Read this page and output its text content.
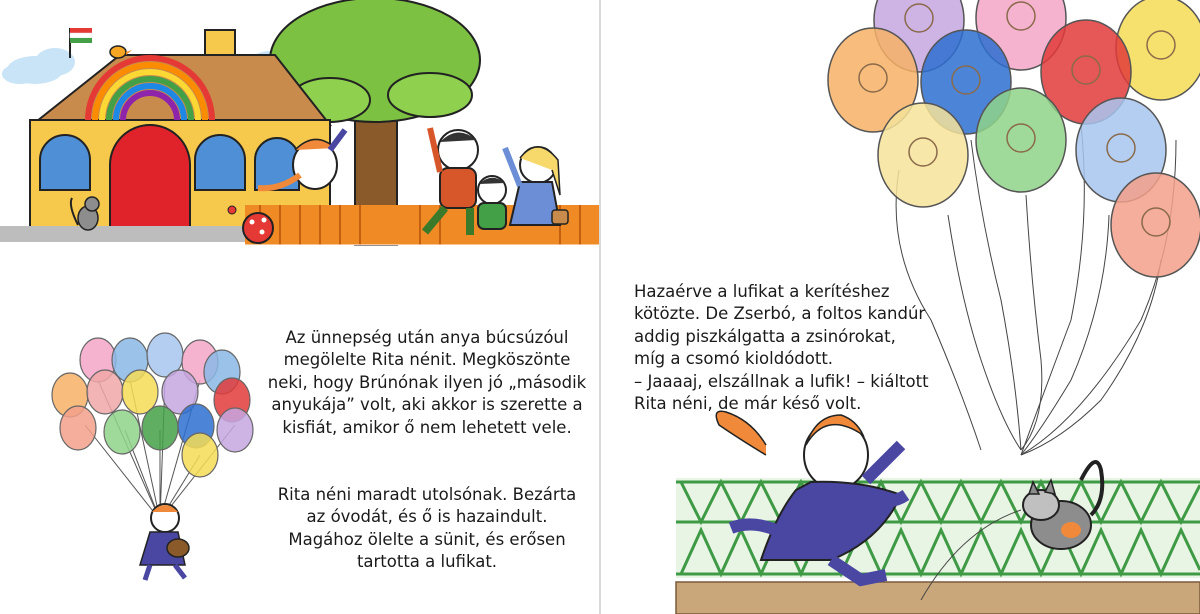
Az ünnepség után anya búcsúzóul
megölelte Rita nénit. Megköszönte
neki, hogy Brúnónak ilyen jó „második
anyukája” volt, aki akkor is szerette a
kisfiát, amikor ő nem lehetett vele.

Rita néni maradt utolsónak. Bezárta
az óvodát, és ő is hazaindult.
Magához ölelte a sünit, és erősen
tartotta a lufikat.

Hazaérve a lufikat a kerítéshez
kötözte. De Zserbó, a foltos kandúr
addig piszkálgatta a zsinórokat,
míg a csomó kioldódott.
– Jaaaaj, elszállnak a lufik! – kiáltott
Rita néni, de már késő volt.
